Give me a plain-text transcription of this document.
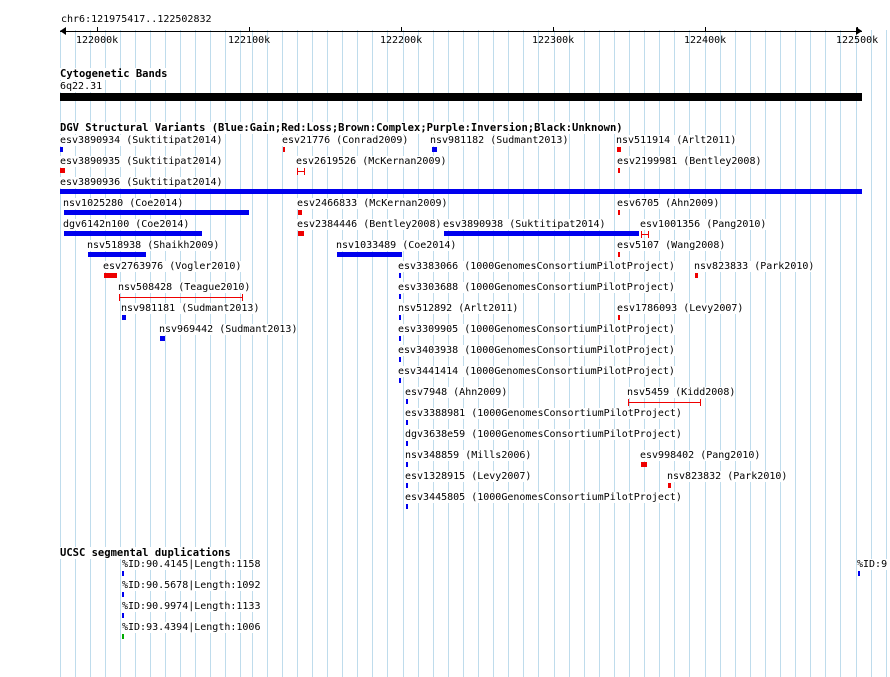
chr6:121975417..122502832
122000k	122100k	122200k	122300k	122400k	122500k
Cytogenetic Bands
6q22.31
DGV Structural Variants (Blue:Gain;Red:Loss;Brown:Complex;Purple:Inversion;Black:Unknown)
esv3890934 (Suktitipat2014)	esv21776 (Conrad2009) nsv981182 (Sudmant2013)	nsv511914 (Arlt2011)
esv3890935 (Suktitipat2014)	esv2619526 (McKernan2009)	esv2199981 (Bentley2008)
esv3890936 (Suktitipat2014)
nsv1025280 (Coe2014)	esv2466833 (McKernan2009)	esv6705 (Ahn2009)
dgv6142n100 (Coe2014)	esv2384446 (Bentley2008) esv3890938 (Suktitipat2014)	esv1001356 (Pang2010)
nsv518938 (Shaikh2009)	nsv1033489 (Coe2014)	esv5107 (Wang2008)
esv2763976 (Vogler2010)	esv3383066 (1000GenomesConsortiumPilotProject) nsv823833 (Park2010)
nsv508428 (Teague2010)	esv3303688 (1000GenomesConsortiumPilotProject)
nsv981181 (Sudmant2013)	nsv512892 (Arlt2011)	esv1786093 (Levy2007)
nsv969442 (Sudmant2013)	esv3309905 (1000GenomesConsortiumPilotProject)
esv3403938 (1000GenomesConsortiumPilotProject)
esv3441414 (1000GenomesConsortiumPilotProject)
esv7948 (Ahn2009)	nsv5459 (Kidd2008)
esv3388981 (1000GenomesConsortiumPilotProject)
dgv3638e59 (1000GenomesConsortiumPilotProject)
nsv348859 (Mills2006)	esv998402 (Pang2010)
esv1328915 (Levy2007)	nsv823832 (Park2010)
esv3445805 (1000GenomesConsortiumPilotProject)
UCSC segmental duplications
%ID:90.4145|Length:1158	%ID:9
%ID:90.5678|Length:1092
%ID:90.9974|Length:1133
%ID:93.4394|Length:1006
